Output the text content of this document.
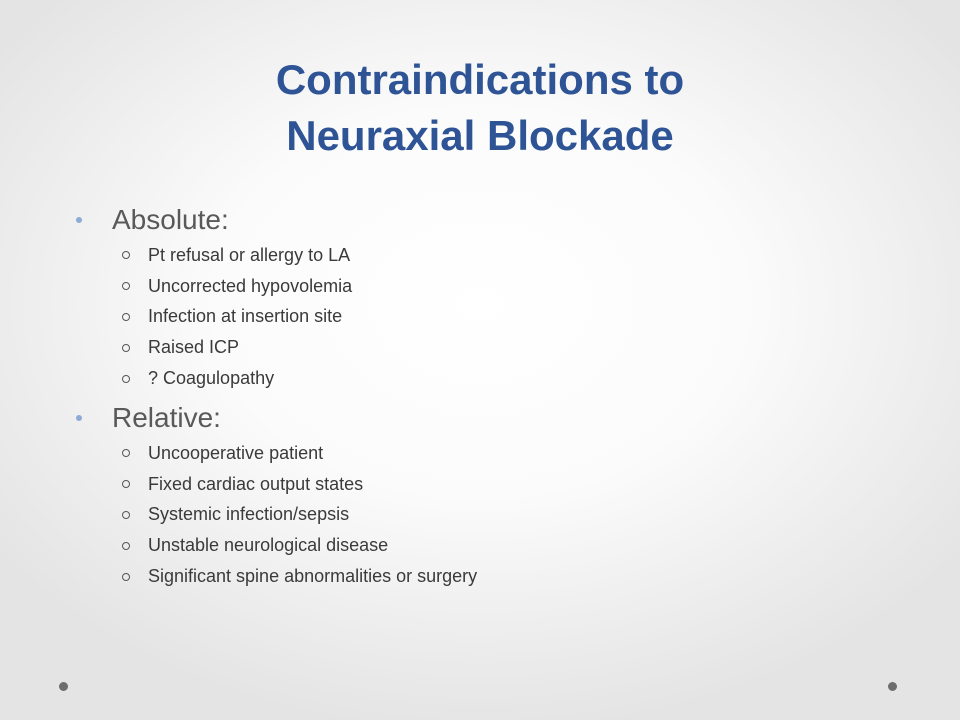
Contraindications to
Neuraxial Blockade
Absolute:
Pt refusal or allergy to LA
Uncorrected hypovolemia
Infection at insertion site
Raised ICP
? Coagulopathy
Relative:
Uncooperative patient
Fixed cardiac output states
Systemic infection/sepsis
Unstable neurological disease
Significant spine abnormalities or surgery
